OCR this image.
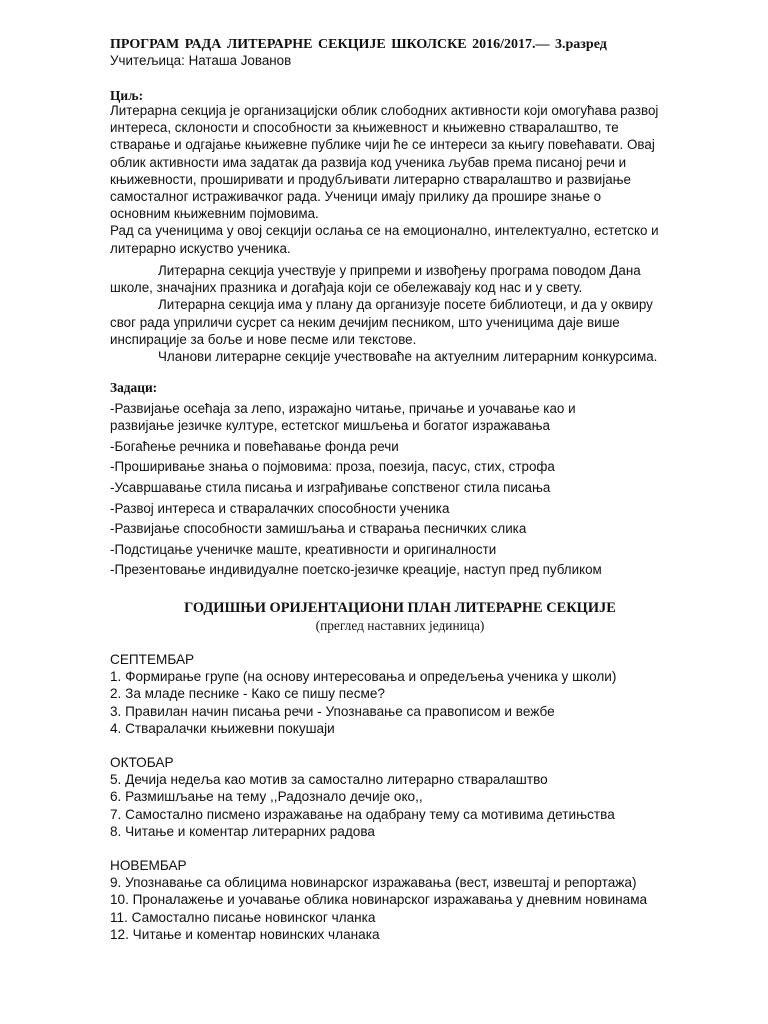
ПРОГРАМ РАДА ЛИТЕРАРНЕ СЕКЦИЈЕ ШКОЛСКЕ 2016/2017.— 3.разред
Учитељица: Наташа Јованов
Циљ:
Литерарна секција је организацијски облик слободних активности који омогућава развој
интереса, склоности и способности за књижевност и књижевно стваралаштво, те
стварање и одгајање књижевне публике чији ће се интереси за књигу повећавати. Овај
облик активности има задатак да развија код ученика љубав према писаној речи и
књижевности, проширивати и продубљивати литерарно стваралаштво и развијање
самосталног истраживачког рада. Ученици имају прилику да прошире знање о
основним књижевним појмовима.
Рад са ученицима у овој секцији ослања се на емоционално, интелектуално, естетско и
литерарно искуство ученика.
Литерарна секција учествује у припреми и извођењу програма поводом Дана
школе, значајних празника и догађаја који се обележавају код нас и у свету.
Литерарна секција има у плану да организује посете библиотеци, и да у оквиру
свог рада уприличи сусрет са неким дечијим песником, што ученицима даје више
инспирације за боље и нове песме или текстове.
Чланови литерарне секције учествоваће на актуелним литерарним конкурсима.
Задаци:
-Развијање осећаја за лепо, изражајно читање, причање и уочавање као и
развијање језичке културе, естетског мишљења и богатог изражавања
-Богаћење речника и повећавање фонда речи
-Проширивање знања о појмовима: проза, поезија, пасус, стих, строфа
-Усавршавање стила писања и изграђивање сопственог стила писања
-Развој интереса и стваралачких способности ученика
-Развијање способности замишљања и стварања песничких слика
-Подстицање ученичке маште, креативности и оригиналности
-Презентовање индивидуалне поетско-језичке креације, наступ пред публиком
ГОДИШЊИ ОРИЈЕНТАЦИОНИ ПЛАН ЛИТЕРАРНЕ СЕКЦИЈЕ
(преглед наставних јединица)
СЕПТЕМБАР
1. Формирање групе (на основу интересовања и опредељења ученика у школи)
2. За младе песнике - Како се пишу песме?
3. Правилан начин писања речи - Упознавање са правописом и вежбе
4. Стваралачки књижевни покушаји
ОКТОБАР
5. Дечија недеља као мотив за самостално литерарно стваралаштво
6. Размишљање на тему ,,Радознало дечије око,,
7. Самостално писмено изражавање на одабрану тему са мотивима детињства
8. Читање и коментар литерарних радова
НОВЕМБАР
9. Упознавање са облицима новинарског изражавања (вест, извештај и репортажа)
10. Проналажење и уочавање облика новинарског изражавања у дневним новинама
11. Самостално писање новинског чланка
12. Читање и коментар новинских чланака
